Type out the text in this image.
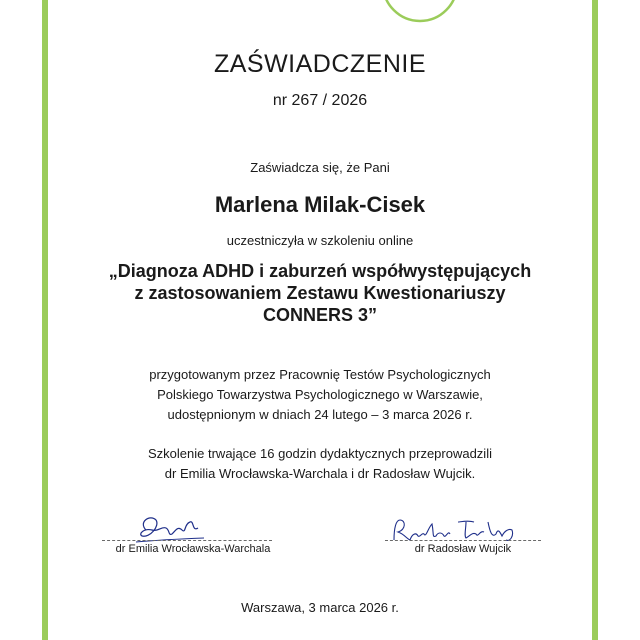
ZAŚWIADCZENIE
nr 267 / 2026
Zaświadcza się, że Pani
Marlena Milak-Cisek
uczestniczyła w szkoleniu online
„Diagnoza ADHD i zaburzeń współwystępujących
z zastosowaniem Zestawu Kwestionariuszy
CONNERS 3”
przygotowanym przez Pracownię Testów Psychologicznych
Polskiego Towarzystwa Psychologicznego w Warszawie,
udostępnionym w dniach 24 lutego – 3 marca 2026 r.
Szkolenie trwające 16 godzin dydaktycznych przeprowadzili
dr Emilia Wrocławska-Warchala i dr Radosław Wujcik.
dr Emilia Wrocławska-Warchala	dr Radosław Wujcik
Warszawa, 3 marca 2026 r.
